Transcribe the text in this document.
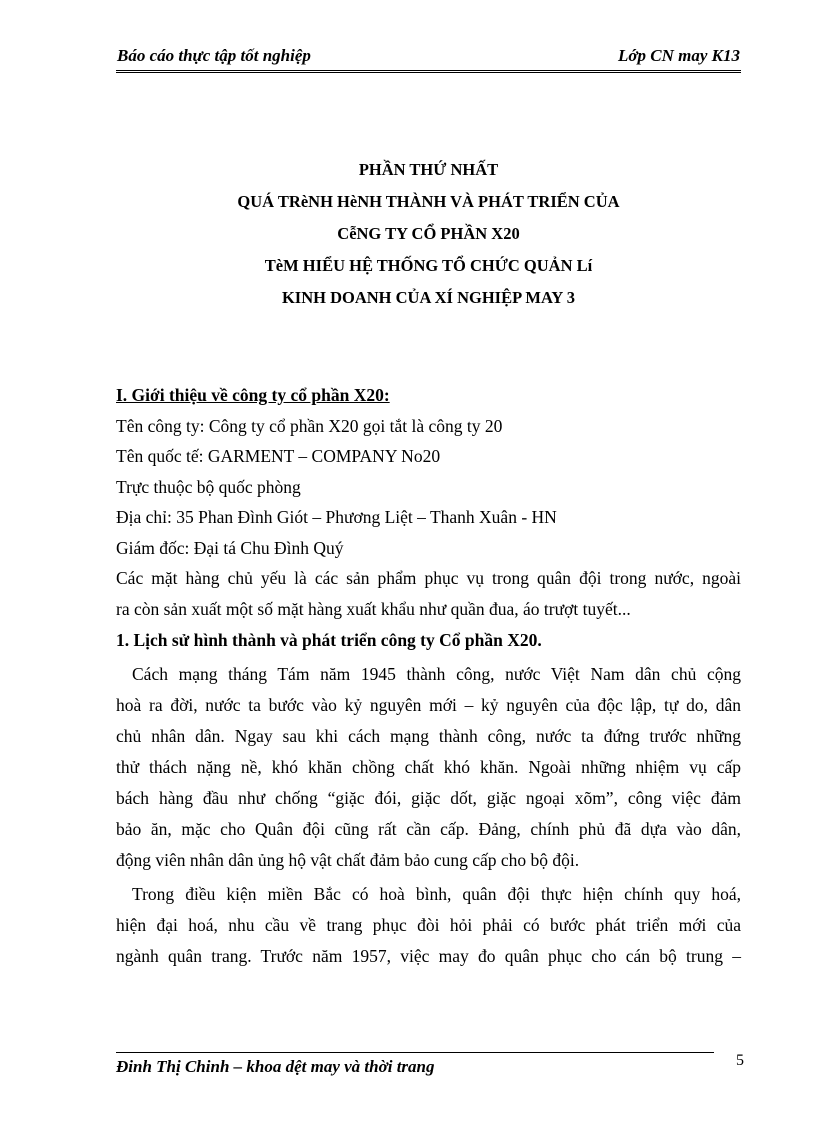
Báo cáo thực tập tốt nghiệp	Lớp CN may K13
PHẦN THỨ NHẤT
QUÁ TRèNH HèNH THÀNH VÀ PHÁT TRIỂN CỦA
CễNG TY CỔ PHẦN X20
TèM HIỂU HỆ THỐNG TỔ CHỨC QUẢN Lí
KINH DOANH CỦA XÍ NGHIỆP MAY 3
I. Giới thiệu về công ty cổ phần X20:
Tên công ty: Công ty cổ phần X20 gọi tắt là công ty 20
Tên quốc tế: GARMENT – COMPANY No20
Trực thuộc bộ quốc phòng
Địa chỉ: 35 Phan Đình Giót – Phương Liệt – Thanh Xuân - HN
Giám đốc: Đại tá Chu Đình Quý
Các mặt hàng chủ yếu là các sản phẩm phục vụ trong quân đội trong nước, ngoài
ra còn sản xuất một số mặt hàng xuất khẩu như quần đua, áo trượt tuyết...
1. Lịch sử hình thành và phát triển công ty Cổ phần X20.
Cách mạng tháng Tám năm 1945 thành công, nước Việt Nam dân chủ cộng
hoà ra đời, nước ta bước vào kỷ nguyên mới – kỷ nguyên của độc lập, tự do, dân
chủ nhân dân. Ngay sau khi cách mạng thành công, nước ta đứng trước những
thử thách nặng nề, khó khăn chồng chất khó khăn. Ngoài những nhiệm vụ cấp
bách hàng đầu như chống “giặc đói, giặc dốt, giặc ngoại xõm”, công việc đảm
bảo ăn, mặc cho Quân đội cũng rất cần cấp. Đảng, chính phủ đã dựa vào dân,
động viên nhân dân ủng hộ vật chất đảm bảo cung cấp cho bộ đội.
Trong điều kiện miền Bắc có hoà bình, quân đội thực hiện chính quy hoá,
hiện đại hoá, nhu cầu về trang phục đòi hỏi phải có bước phát triển mới của
ngành quân trang. Trước năm 1957, việc may đo quân phục cho cán bộ trung –
Đinh Thị Chinh – khoa dệt may và thời trang	5
